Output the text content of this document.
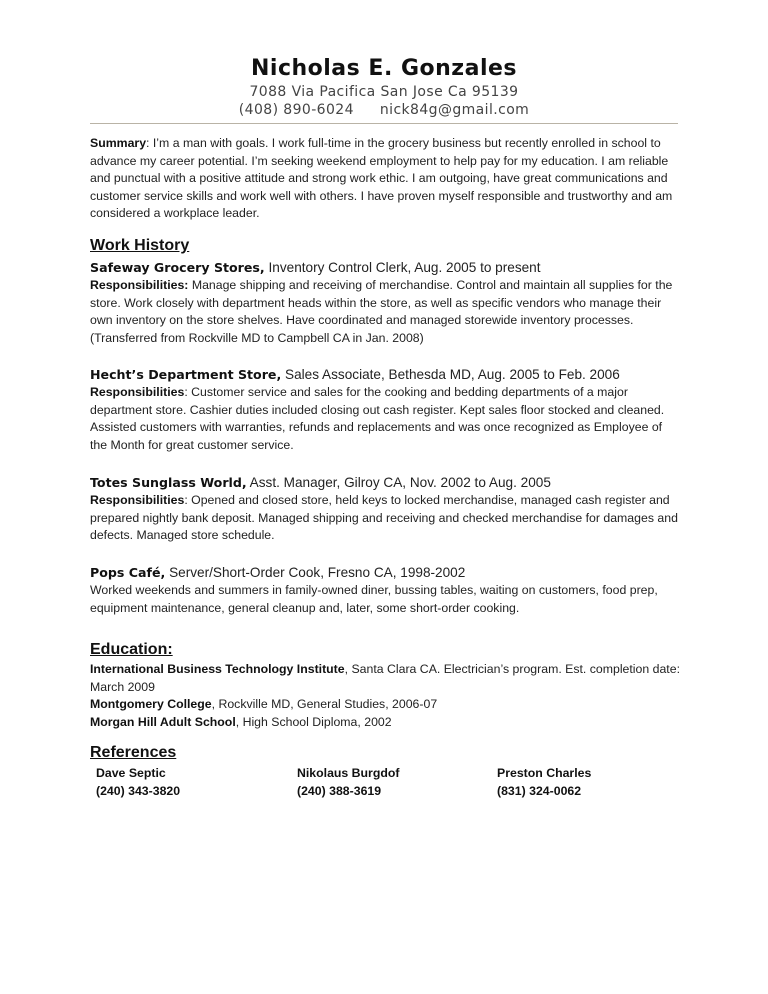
Nicholas E. Gonzales
7088 Via Pacifica San Jose Ca 95139
(408) 890-6024 nick84g@gmail.com
Summary: I’m a man with goals. I work full-time in the grocery business but recently enrolled in school to advance my career potential. I’m seeking weekend employment to help pay for my education. I am reliable and punctual with a positive attitude and strong work ethic. I am outgoing, have great communications and customer service skills and work well with others. I have proven myself responsible and trustworthy and am considered a workplace leader.
Work History
Safeway Grocery Stores, Inventory Control Clerk, Aug. 2005 to present
Responsibilities: Manage shipping and receiving of merchandise. Control and maintain all supplies for the store. Work closely with department heads within the store, as well as specific vendors who manage their own inventory on the store shelves. Have coordinated and managed storewide inventory processes. (Transferred from Rockville MD to Campbell CA in Jan. 2008)
Hecht’s Department Store, Sales Associate, Bethesda MD, Aug. 2005 to Feb. 2006
Responsibilities: Customer service and sales for the cooking and bedding departments of a major department store. Cashier duties included closing out cash register. Kept sales floor stocked and cleaned. Assisted customers with warranties, refunds and replacements and was once recognized as Employee of the Month for great customer service.
Totes Sunglass World, Asst. Manager, Gilroy CA, Nov. 2002 to Aug. 2005
Responsibilities: Opened and closed store, held keys to locked merchandise, managed cash register and prepared nightly bank deposit. Managed shipping and receiving and checked merchandise for damages and defects. Managed store schedule.
Pops Café, Server/Short-Order Cook, Fresno CA, 1998-2002
Worked weekends and summers in family-owned diner, bussing tables, waiting on customers, food prep, equipment maintenance, general cleanup and, later, some short-order cooking.
Education:
International Business Technology Institute, Santa Clara CA. Electrician’s program. Est. completion date: March 2009
Montgomery College, Rockville MD, General Studies, 2006-07
Morgan Hill Adult School, High School Diploma, 2002
References
Dave Septic
(240) 343-3820
Nikolaus Burgdof
(240) 388-3619
Preston Charles
(831) 324-0062
